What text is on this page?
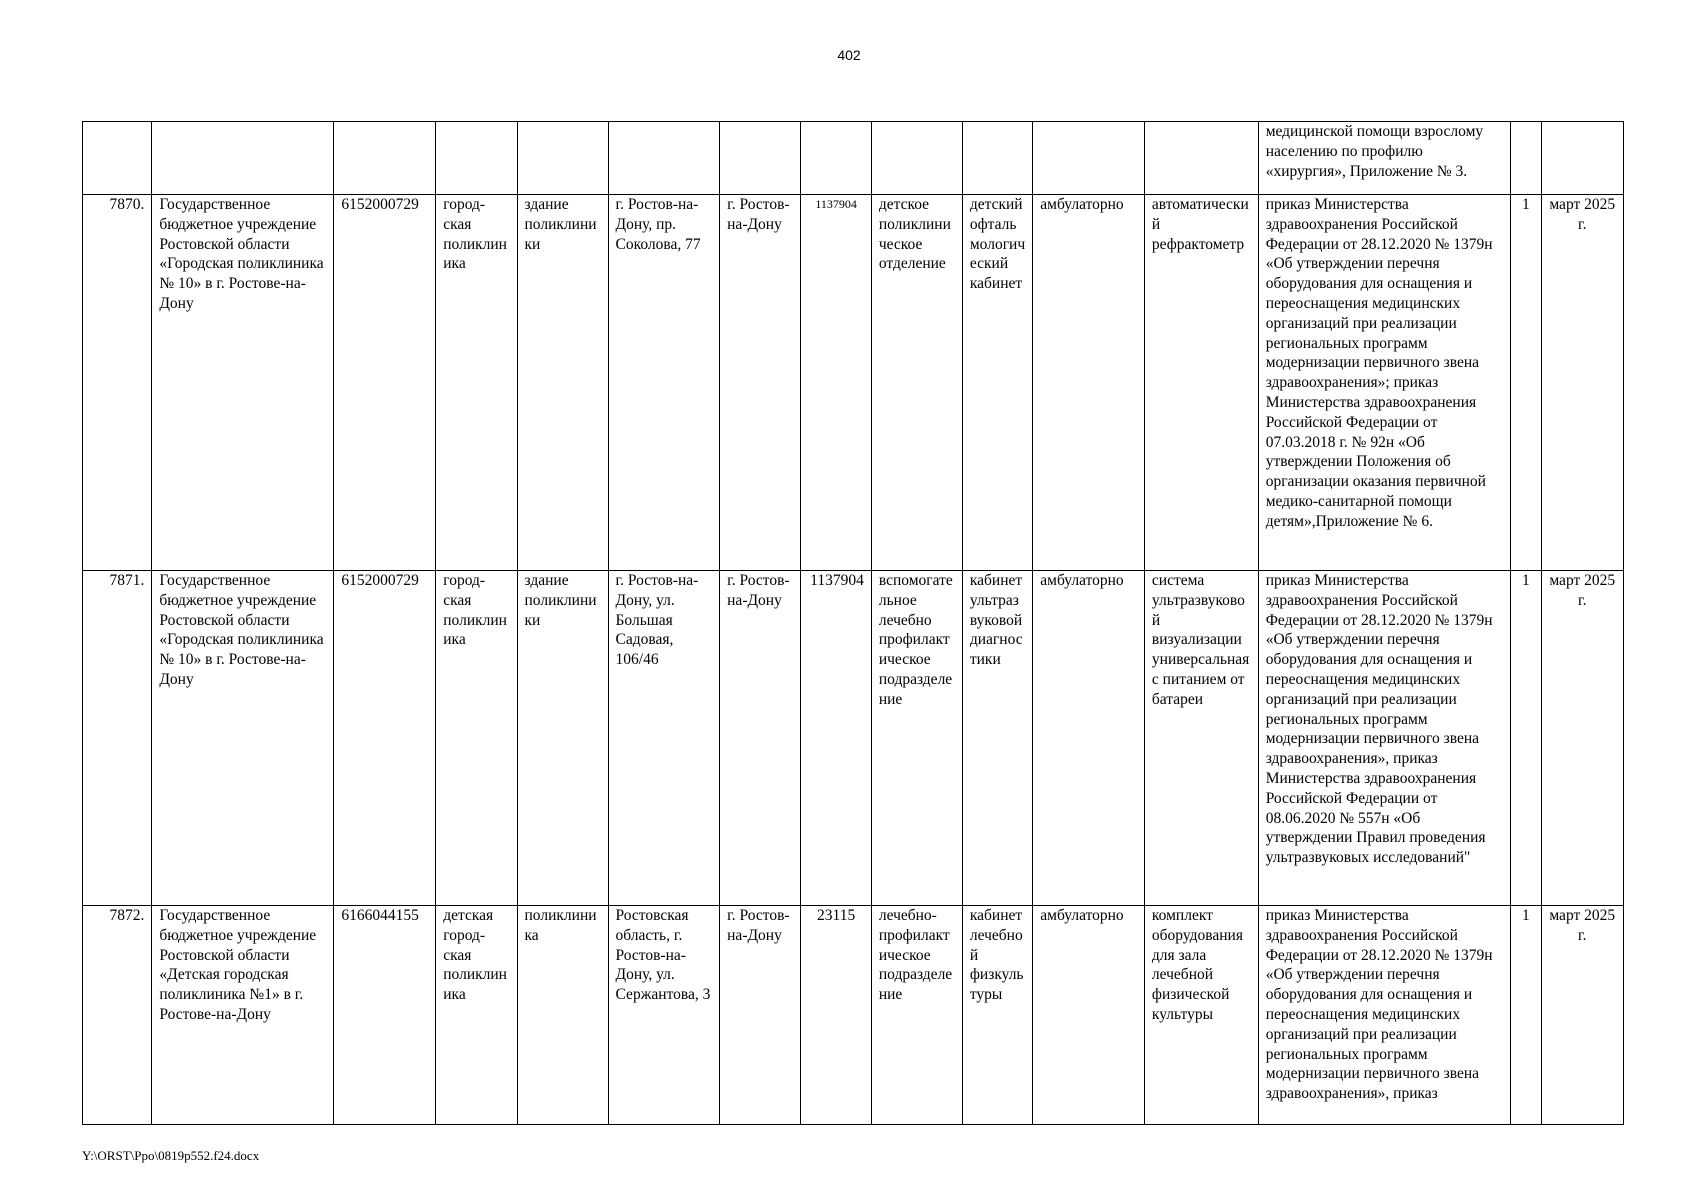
402
												медицинской помощи взрослому населению по профилю «хирургия», Приложение № 3.		
7870.	Государственное бюджетное учреждение Ростовской области «Городская поликлиника № 10» в г. Ростове-на-Дону	6152000729	город-ская поликлиника	здание поликлиники	г. Ростов-на-Дону, пр. Соколова, 77	г. Ростов-на-Дону	1137904	детское поликлиническое отделение	детский офтальмологический кабинет	амбулаторно	автоматический рефрактометр	приказ Министерства здравоохранения Российской Федерации от 28.12.2020 № 1379н «Об утверждении перечня оборудования для оснащения и переоснащения медицинских организаций при реализации региональных программ модернизации первичного звена здравоохранения»; приказ Министерства здравоохранения Российской Федерации от 07.03.2018 г. № 92н «Об утверждении Положения об организации оказания первичной медико-санитарной помощи детям»,Приложение № 6.	1	март 2025 г.
7871.	Государственное бюджетное учреждение Ростовской области «Городская поликлиника № 10» в г. Ростове-на-Дону	6152000729	город-ская поликлиника	здание поликлиники	г. Ростов-на-Дону, ул. Большая Садовая, 106/46	г. Ростов-на-Дону	1137904	вспомогательное лечебно профилактическое подразделение	кабинет ультразвуковой диагностики	амбулаторно	система ультразвуковой визуализации универсальная с питанием от батареи	приказ Министерства здравоохранения Российской Федерации от 28.12.2020 № 1379н «Об утверждении перечня оборудования для оснащения и переоснащения медицинских организаций при реализации региональных программ модернизации первичного звена здравоохранения», приказ Министерства здравоохранения Российской Федерации от 08.06.2020 № 557н «Об утверждении Правил проведения ультразвуковых исследований"	1	март 2025 г.
7872.	Государственное бюджетное учреждение Ростовской области «Детская городская поликлиника №1» в г. Ростове-на-Дону	6166044155	детская город-ская поликлиника	поликлиника	Ростовская область, г. Ростов-на-Дону, ул. Сержантова, 3	г. Ростов-на-Дону	23115	лечебно-профилактическое подразделение	кабинет лечебной физкультуры	амбулаторно	комплект оборудования для зала лечебной физической культуры	приказ Министерства здравоохранения Российской Федерации от 28.12.2020 № 1379н «Об утверждении перечня оборудования для оснащения и переоснащения медицинских организаций при реализации региональных программ модернизации первичного звена здравоохранения», приказ	1	март 2025 г.
Y:\ORST\Ppo\0819p552.f24.docx
